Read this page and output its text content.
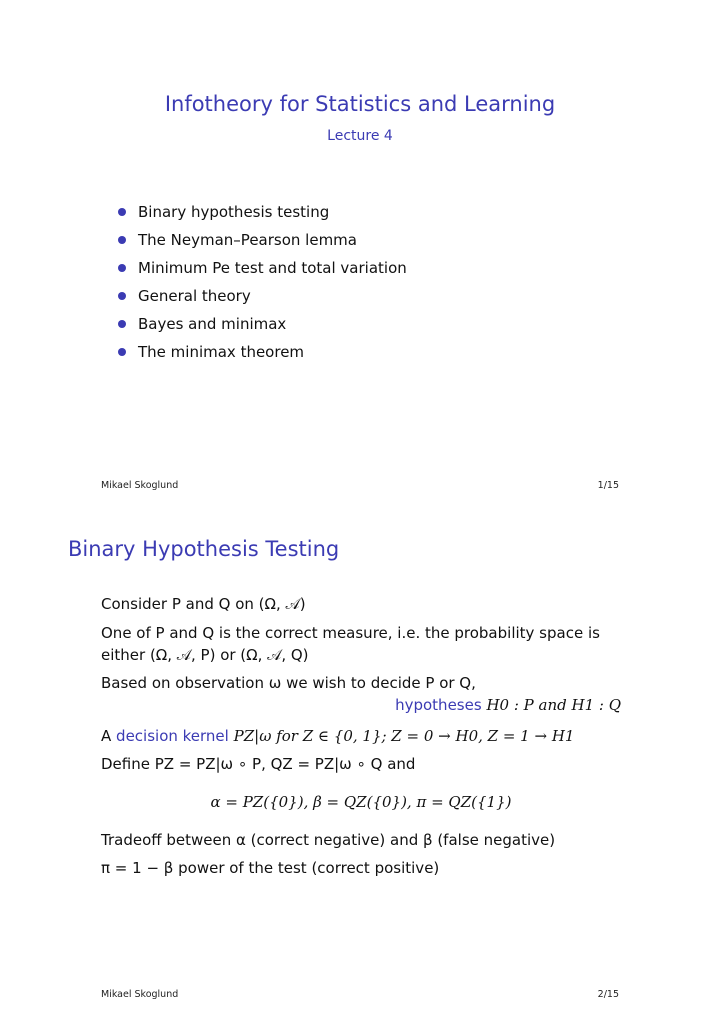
Infotheory for Statistics and Learning
Lecture 4
Binary hypothesis testing
The Neyman–Pearson lemma
Minimum Pe test and total variation
General theory
Bayes and minimax
The minimax theorem
Mikael Skoglund	1/15
Binary Hypothesis Testing
Consider P and Q on (Ω, 𝒜)
One of P and Q is the correct measure, i.e. the probability space is
either (Ω, 𝒜, P) or (Ω, 𝒜, Q)
Based on observation ω we wish to decide P or Q,
hypotheses H0 : P and H1 : Q
A decision kernel PZ|ω for Z ∈ {0, 1}; Z = 0 → H0, Z = 1 → H1
Define PZ = PZ|ω ∘ P, QZ = PZ|ω ∘ Q and
α = PZ({0}), β = QZ({0}), π = QZ({1})
Tradeoff between α (correct negative) and β (false negative)
π = 1 − β power of the test (correct positive)
Mikael Skoglund	2/15
